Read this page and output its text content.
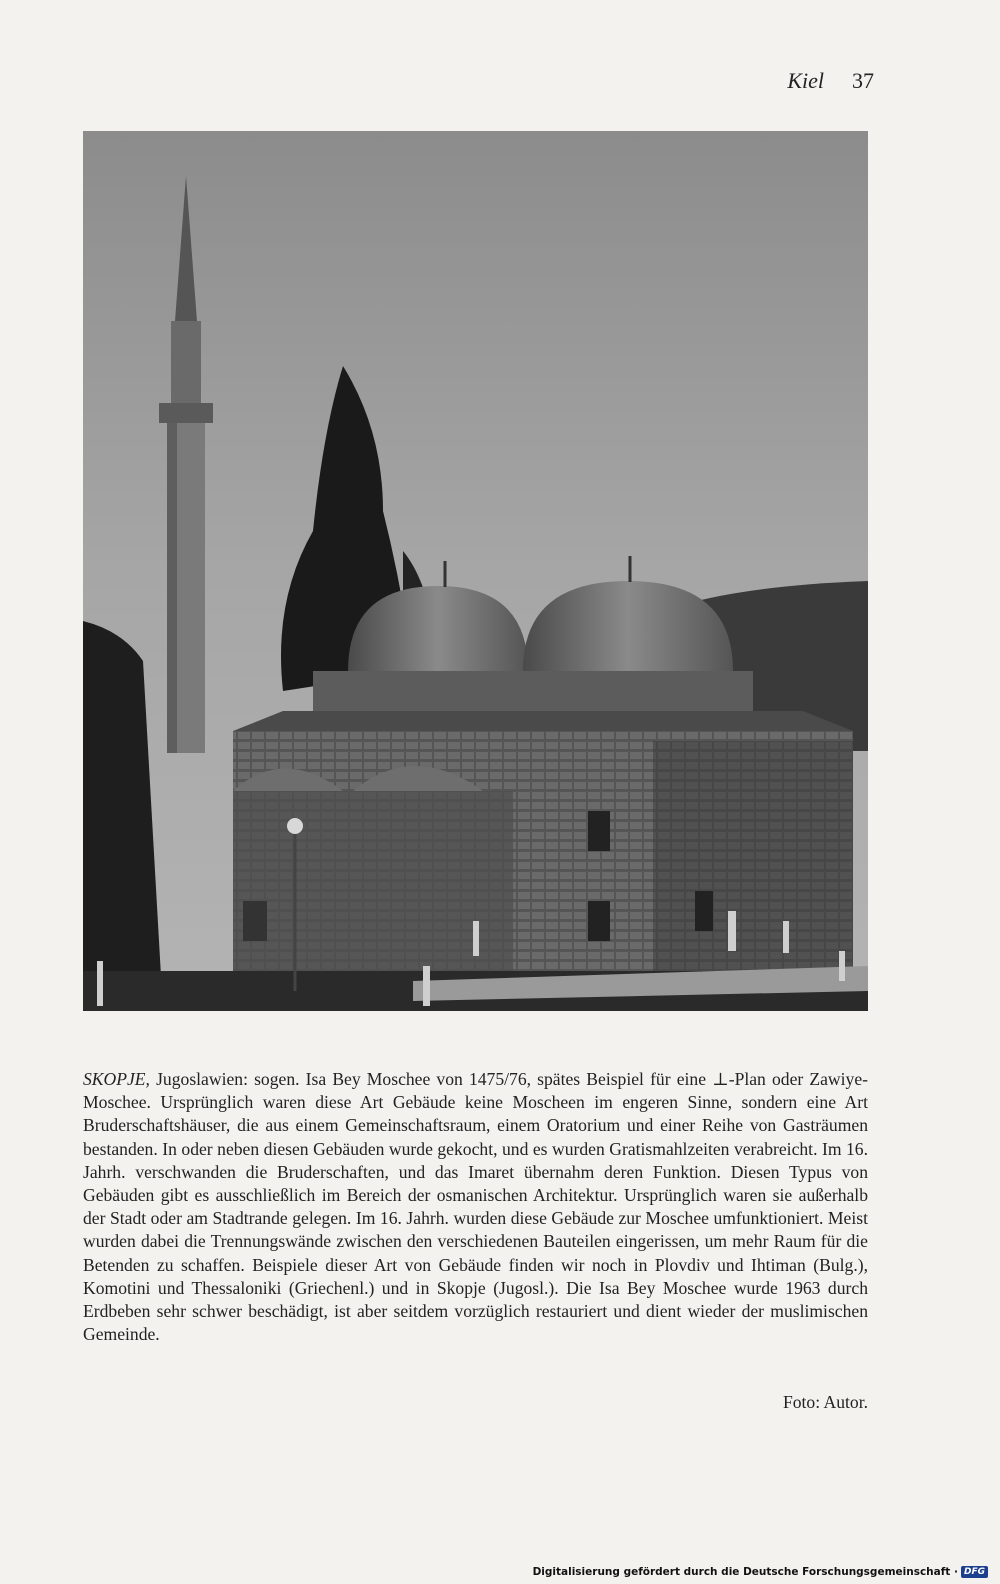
Kiel 37
SKOPJE, Jugoslawien: sogen. Isa Bey Moschee von 1475/76, spätes Beispiel für eine ⊥-Plan oder Zawiye-Moschee. Ursprünglich waren diese Art Gebäude keine Moscheen im engeren Sinne, sondern eine Art Bruderschaftshäuser, die aus einem Gemeinschaftsraum, einem Oratorium und einer Reihe von Gasträumen bestanden. In oder neben diesen Gebäuden wurde gekocht, und es wurden Gratismahlzeiten verabreicht. Im 16. Jahrh. verschwanden die Bruderschaften, und das Imaret übernahm deren Funktion. Diesen Typus von Gebäuden gibt es ausschließlich im Bereich der osmanischen Architektur. Ursprünglich waren sie außerhalb der Stadt oder am Stadtrande gelegen. Im 16. Jahrh. wurden diese Gebäude zur Moschee umfunktioniert. Meist wurden dabei die Trennungswände zwischen den verschiedenen Bauteilen eingerissen, um mehr Raum für die Betenden zu schaffen. Beispiele dieser Art von Gebäude finden wir noch in Plovdiv und Ihtiman (Bulg.), Komotini und Thessaloniki (Griechenl.) und in Skopje (Jugosl.). Die Isa Bey Moschee wurde 1963 durch Erdbeben sehr schwer beschädigt, ist aber seitdem vorzüglich restauriert und dient wieder der muslimischen Gemeinde.
Foto: Autor.
Digitalisierung gefördert durch die Deutsche Forschungsgemeinschaft · DFG
